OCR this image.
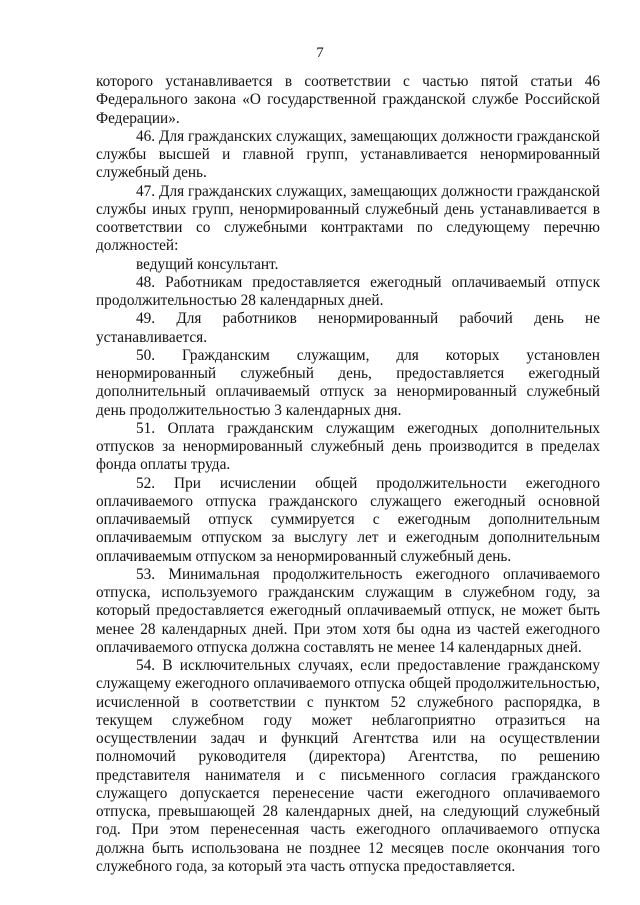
7

которого устанавливается в соответствии с частью пятой статьи 46 Федерального закона «О государственной гражданской службе Российской Федерации».

46. Для гражданских служащих, замещающих должности гражданской службы высшей и главной групп, устанавливается ненормированный служебный день.

47. Для гражданских служащих, замещающих должности гражданской службы иных групп, ненормированный служебный день устанавливается в соответствии со служебными контрактами по следующему перечню должностей:

ведущий консультант.

48. Работникам предоставляется ежегодный оплачиваемый отпуск продолжительностью 28 календарных дней.

49. Для работников ненормированный рабочий день не устанавливается.

50. Гражданским служащим, для которых установлен ненормированный служебный день, предоставляется ежегодный дополнительный оплачиваемый отпуск за ненормированный служебный день продолжительностью 3 календарных дня.

51. Оплата гражданским служащим ежегодных дополнительных отпусков за ненормированный служебный день производится в пределах фонда оплаты труда.

52. При исчислении общей продолжительности ежегодного оплачиваемого отпуска гражданского служащего ежегодный основной оплачиваемый отпуск суммируется с ежегодным дополнительным оплачиваемым отпуском за выслугу лет и ежегодным дополнительным оплачиваемым отпуском за ненормированный служебный день.

53. Минимальная продолжительность ежегодного оплачиваемого отпуска, используемого гражданским служащим в служебном году, за который предоставляется ежегодный оплачиваемый отпуск, не может быть менее 28 календарных дней. При этом хотя бы одна из частей ежегодного оплачиваемого отпуска должна составлять не менее 14 календарных дней.

54. В исключительных случаях, если предоставление гражданскому служащему ежегодного оплачиваемого отпуска общей продолжительностью, исчисленной в соответствии с пунктом 52 служебного распорядка, в текущем служебном году может неблагоприятно отразиться на осуществлении задач и функций Агентства или на осуществлении полномочий руководителя (директора) Агентства, по решению представителя нанимателя и с письменного согласия гражданского служащего допускается перенесение части ежегодного оплачиваемого отпуска, превышающей 28 календарных дней, на следующий служебный год. При этом перенесенная часть ежегодного оплачиваемого отпуска должна быть использована не позднее 12 месяцев после окончания того служебного года, за который эта часть отпуска предоставляется.
